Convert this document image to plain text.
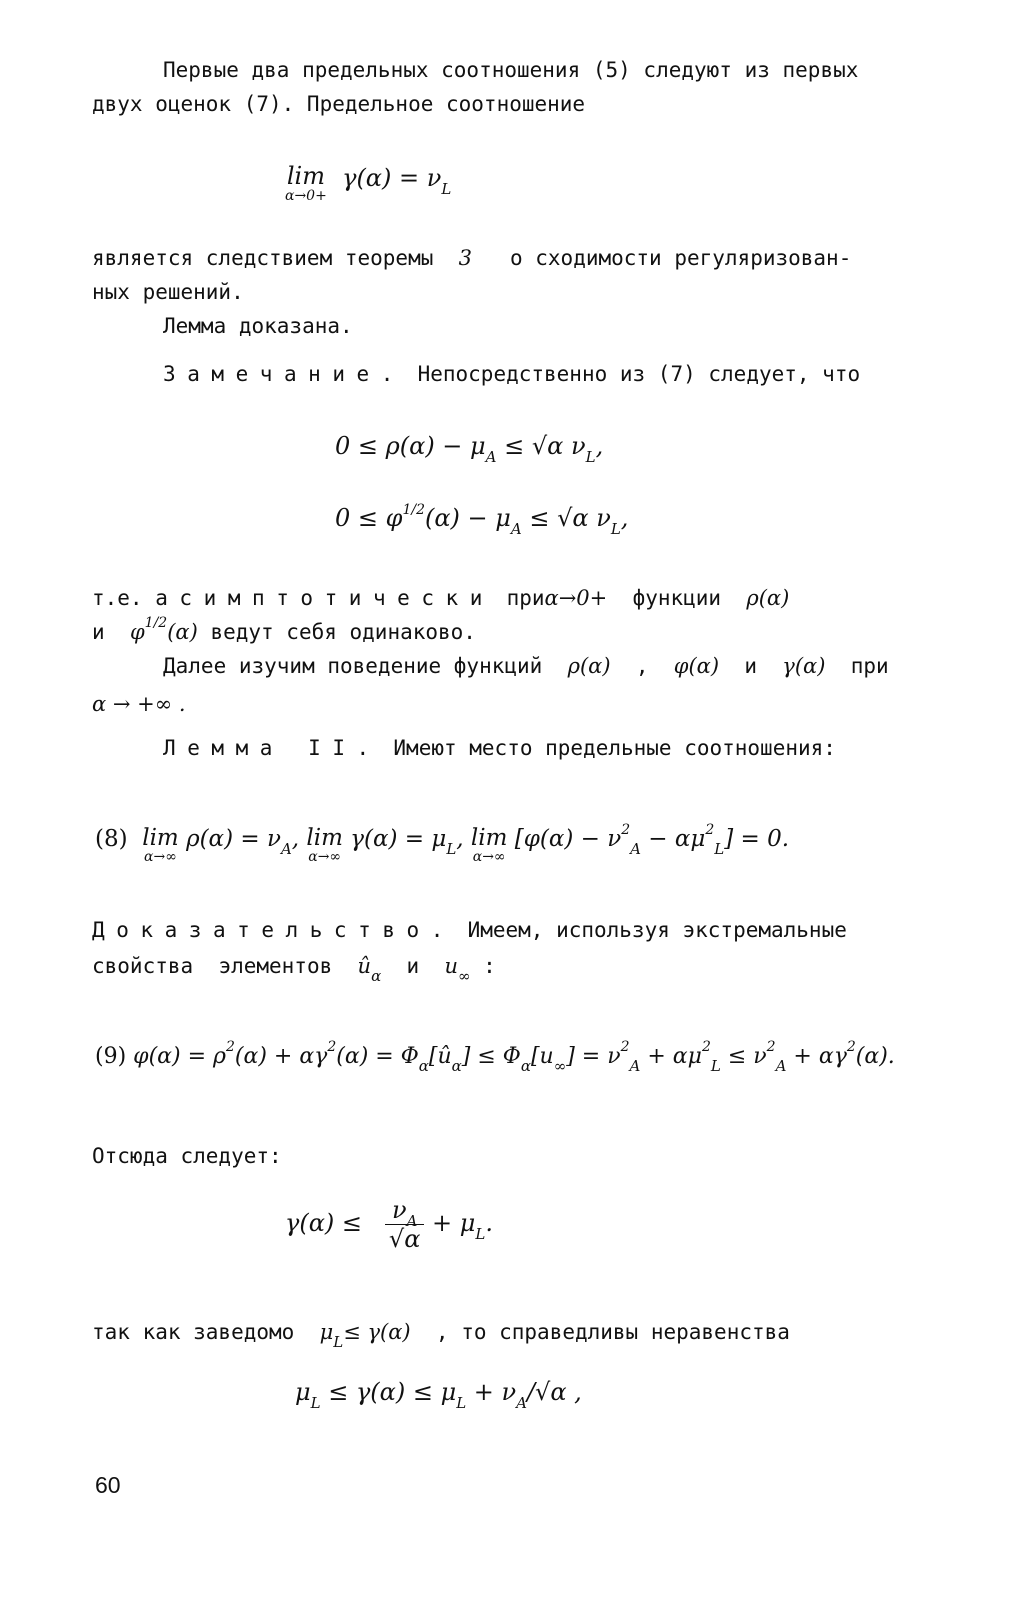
Первые два предельных соотношения (5) следуют из первых
двух оценок (7). Предельное соотношение
lim
α→0+
$\gamma(\alpha) = \nu_L$
является следствием теоремы 3 о сходимости регуляризован-
ных решений.
Лемма доказана.
Замечание. Непосредственно из (7) следует, что
$0 \le \rho(\alpha) - \mu_A \le √\alpha$ $\nu_L$,
$0 \le \varphi^{1/2}(\alpha) - \mu_A \le √\alpha$ $\nu_L$,
т.е. асимптотически приα→0+ функции ρ(α)
и $\varphi^{1/2}(\alpha)$ ведут себя одинаково.
Далее изучим поведение функций ρ(α) , φ(α) и γ(α) при
α → +∞ .
Лемма II. Имеют место предельные соотношения:
(8) lim
α→∞
$\rho(\alpha) = \nu_A$, lim
α→∞
$\gamma(\alpha) = \mu_L$, lim
α→∞
$[\varphi(\alpha) - \nu^2_A - \alpha\mu^2_L] = 0$.
Доказательство. Имеем, используя экстремальные
свойства элементов $û_\alpha$ и $u_\infty$ :
(9) $\varphi(\alpha) = \rho^2(\alpha) + \alpha\gamma^2(\alpha)$ = $\Phi_\alpha[û_\alpha] \le \Phi_\alpha[u_\infty] = \nu^2_A + \alpha\mu^2_L \le \nu^2_A + \alpha\gamma^2(\alpha)$.
Отсюда следует:
$\gamma(\alpha) \le \frac{\nu_A}{√\alpha} + \mu_L$.
так как заведомо $\mu_L\le \gamma(\alpha)$ , то справедливы неравенства
$\mu_L \le \gamma(\alpha) \le \mu_L + \nu_A/√\alpha$ ,
60
